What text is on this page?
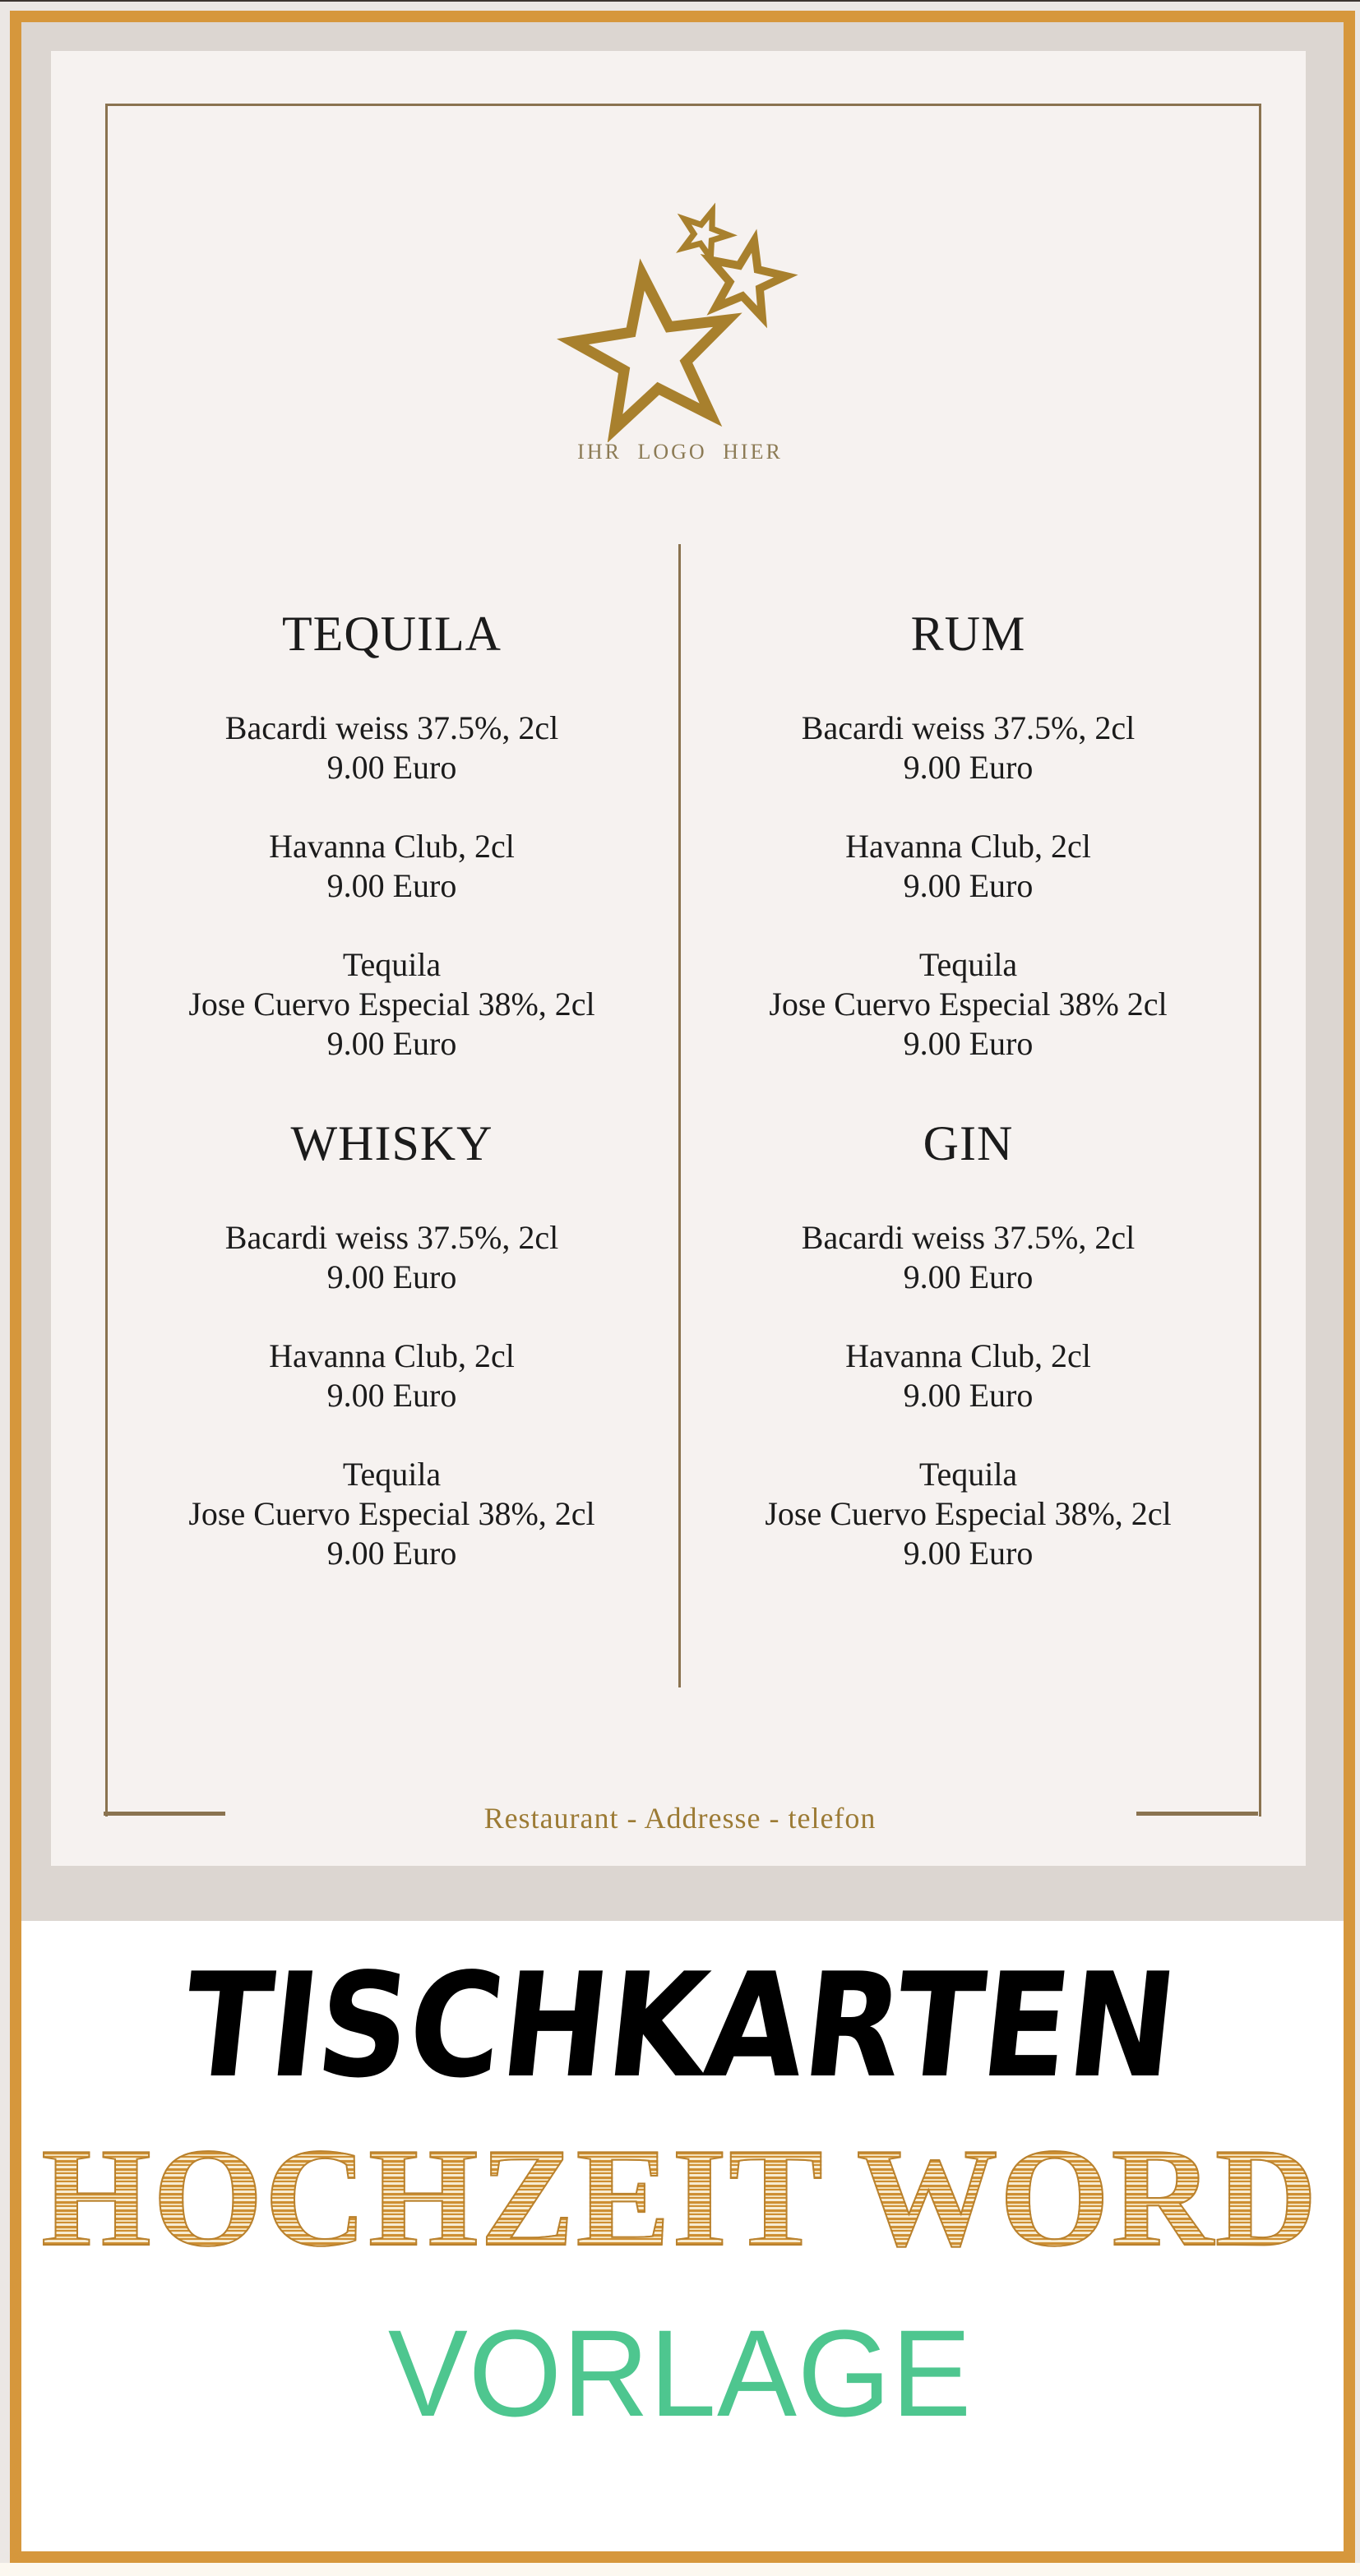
IHR LOGO HIER
TEQUILA
Bacardi weiss 37.5%, 2cl
9.00 Euro
Havanna Club, 2cl
9.00 Euro
Tequila
Jose Cuervo Especial 38%, 2cl
9.00 Euro
RUM
Bacardi weiss 37.5%, 2cl
9.00 Euro
Havanna Club, 2cl
9.00 Euro
Tequila
Jose Cuervo Especial 38% 2cl
9.00 Euro
WHISKY
Bacardi weiss 37.5%, 2cl
9.00 Euro
Havanna Club, 2cl
9.00 Euro
Tequila
Jose Cuervo Especial 38%, 2cl
9.00 Euro
GIN
Bacardi weiss 37.5%, 2cl
9.00 Euro
Havanna Club, 2cl
9.00 Euro
Tequila
Jose Cuervo Especial 38%, 2cl
9.00 Euro
Restaurant - Addresse - telefon
TISCHKARTEN
HOCHZEIT WORD
VORLAGE
